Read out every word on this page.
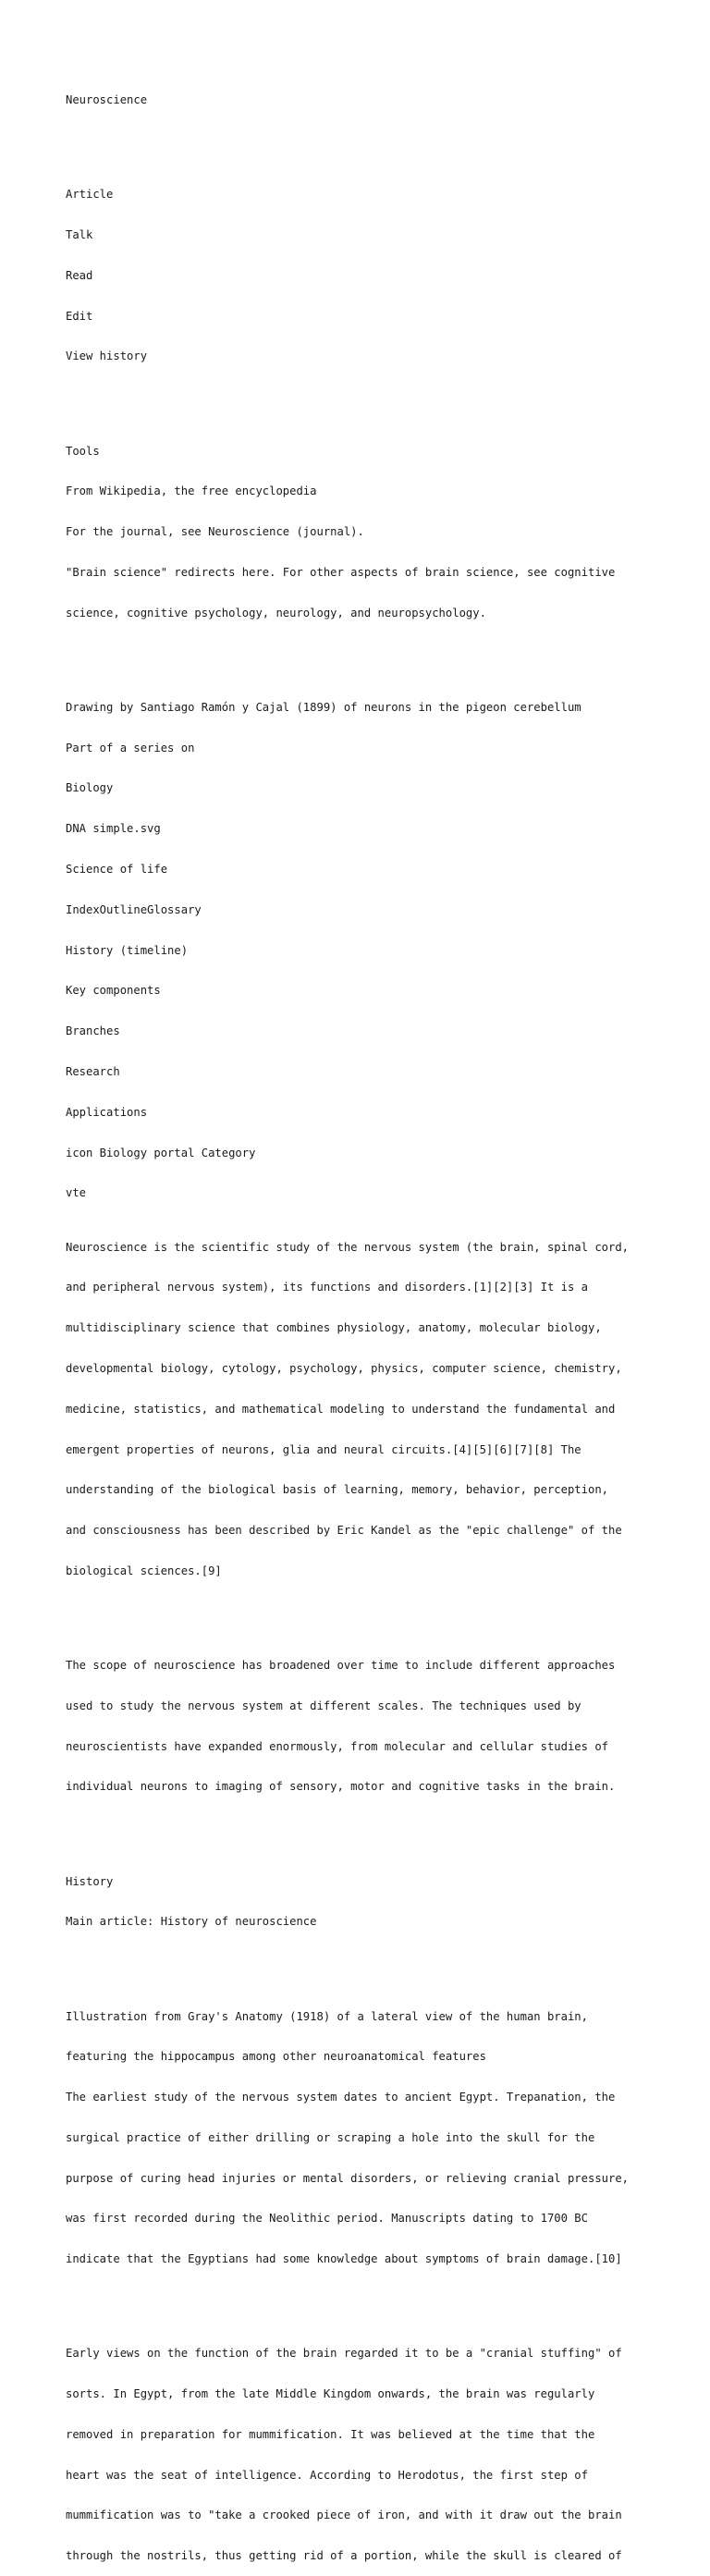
Neuroscience

Article

Talk

Read

Edit

View history

Tools

From Wikipedia, the free encyclopedia

For the journal, see Neuroscience (journal).

"Brain science" redirects here. For other aspects of brain science, see cognitive

science, cognitive psychology, neurology, and neuropsychology.

Drawing by Santiago Ramón y Cajal (1899) of neurons in the pigeon cerebellum

Part of a series on

Biology

DNA simple.svg

Science of life

IndexOutlineGlossary

History (timeline)

Key components

Branches

Research

Applications

icon Biology portal Category

vte

Neuroscience is the scientific study of the nervous system (the brain, spinal cord,

and peripheral nervous system), its functions and disorders.[1][2][3] It is a

multidisciplinary science that combines physiology, anatomy, molecular biology,

developmental biology, cytology, psychology, physics, computer science, chemistry,

medicine, statistics, and mathematical modeling to understand the fundamental and

emergent properties of neurons, glia and neural circuits.[4][5][6][7][8] The

understanding of the biological basis of learning, memory, behavior, perception,

and consciousness has been described by Eric Kandel as the "epic challenge" of the

biological sciences.[9]

The scope of neuroscience has broadened over time to include different approaches

used to study the nervous system at different scales. The techniques used by

neuroscientists have expanded enormously, from molecular and cellular studies of

individual neurons to imaging of sensory, motor and cognitive tasks in the brain.

History

Main article: History of neuroscience

Illustration from Gray's Anatomy (1918) of a lateral view of the human brain,

featuring the hippocampus among other neuroanatomical features

The earliest study of the nervous system dates to ancient Egypt. Trepanation, the

surgical practice of either drilling or scraping a hole into the skull for the

purpose of curing head injuries or mental disorders, or relieving cranial pressure,

was first recorded during the Neolithic period. Manuscripts dating to 1700 BC

indicate that the Egyptians had some knowledge about symptoms of brain damage.[10]

Early views on the function of the brain regarded it to be a "cranial stuffing" of

sorts. In Egypt, from the late Middle Kingdom onwards, the brain was regularly

removed in preparation for mummification. It was believed at the time that the

heart was the seat of intelligence. According to Herodotus, the first step of

mummification was to "take a crooked piece of iron, and with it draw out the brain

through the nostrils, thus getting rid of a portion, while the skull is cleared of
